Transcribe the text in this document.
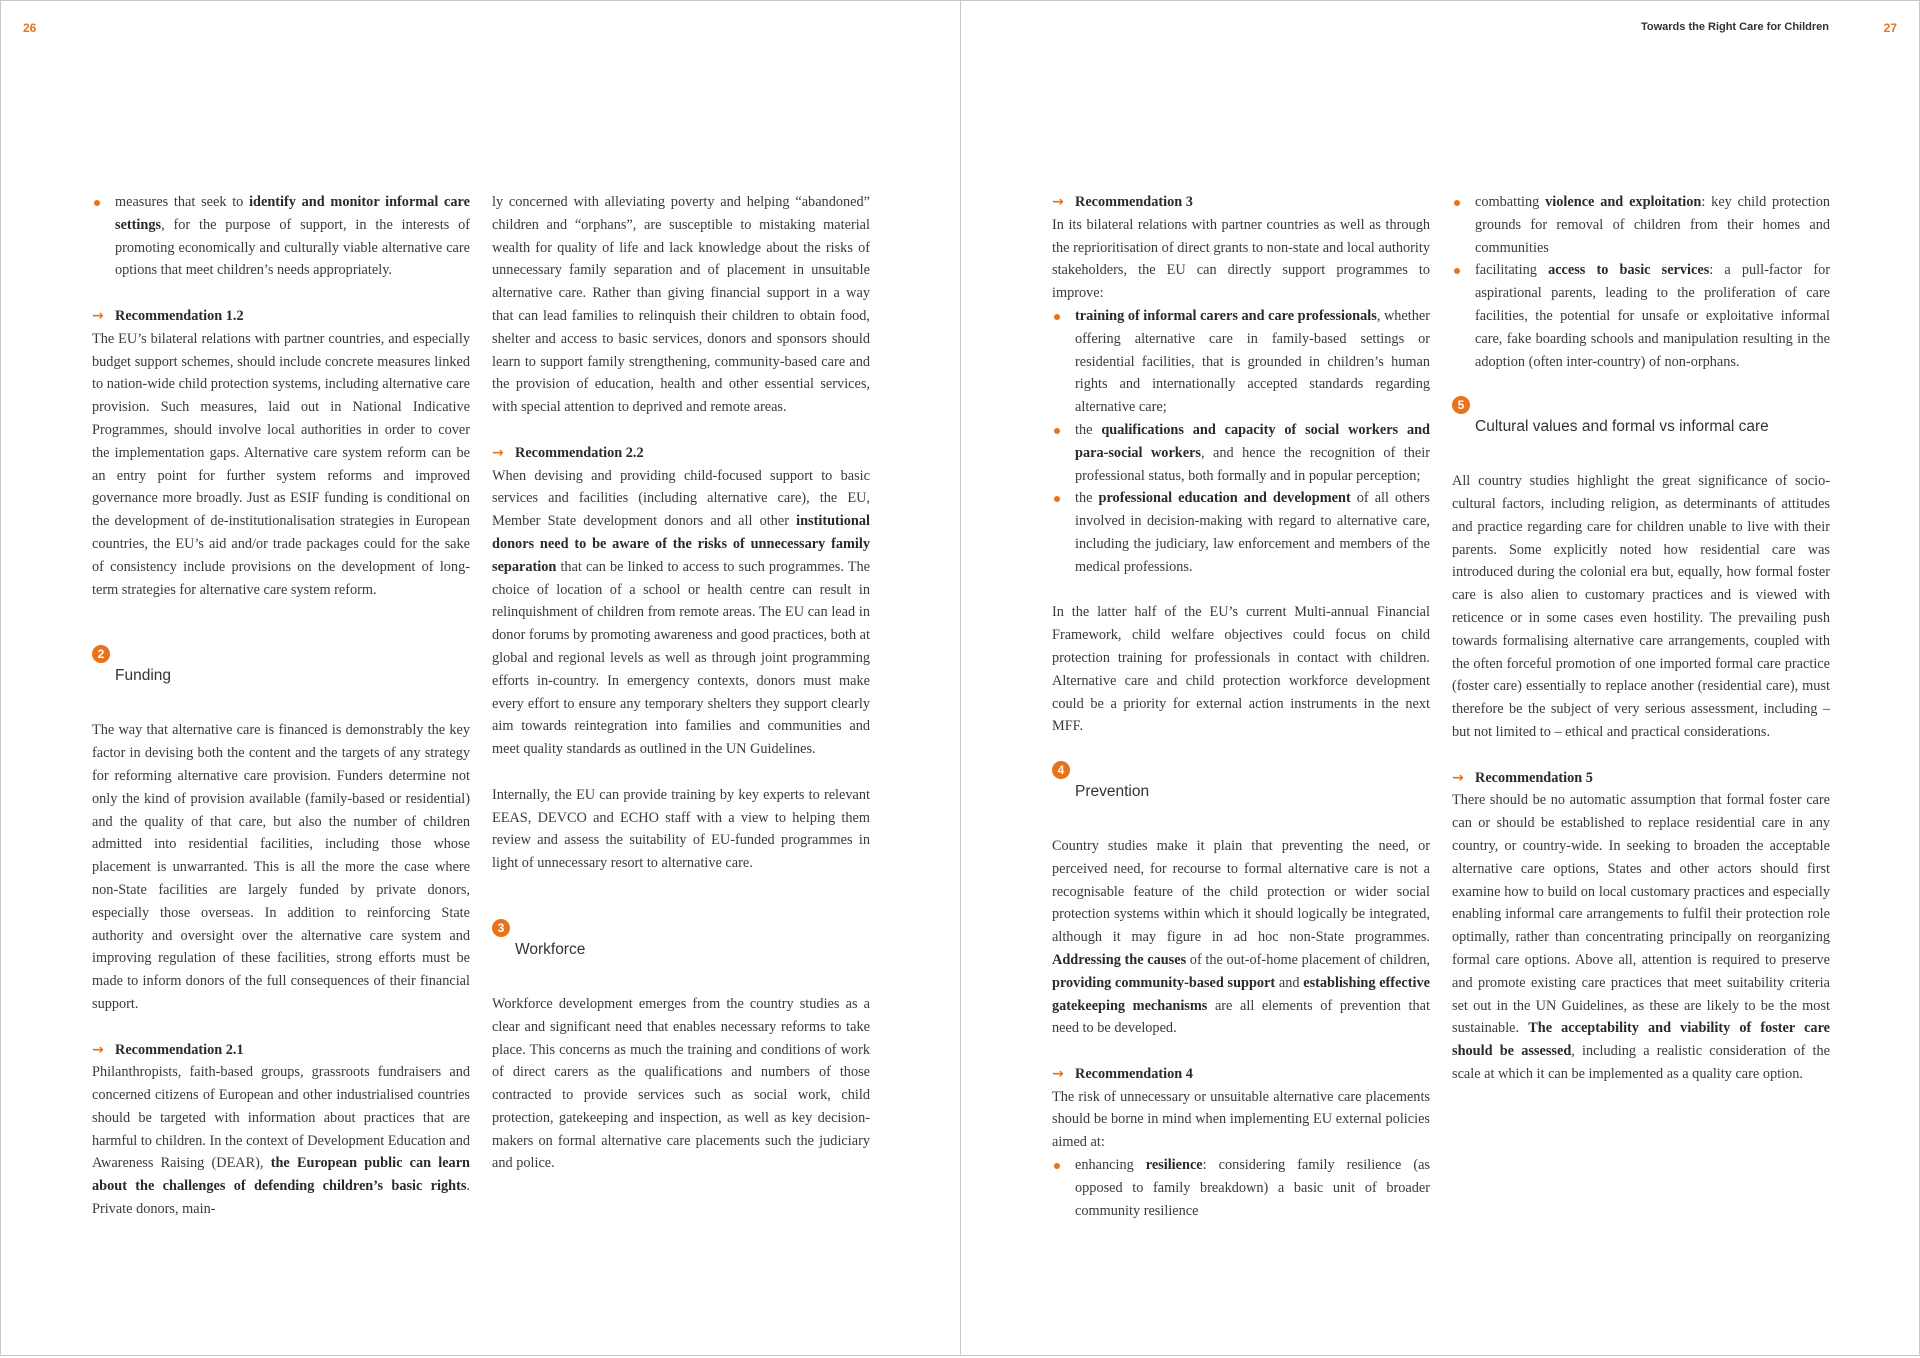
26
measures that seek to identify and monitor informal care settings, for the purpose of support, in the interests of promoting economically and culturally viable alternative care options that meet children’s needs appropriately.
→ Recommendation 1.2

The EU’s bilateral relations with partner countries, and especially budget support schemes, should include concrete measures linked to nation-wide child protection systems, including alternative care provision. Such measures, laid out in National Indicative Programmes, should involve local authorities in order to cover the implementation gaps. Alternative care system reform can be an entry point for further system reforms and improved governance more broadly. Just as ESIF funding is conditional on the development of de-institutionalisation strategies in European countries, the EU’s aid and/or trade packages could for the sake of consistency include provisions on the development of long-term strategies for alternative care system reform.

2
Funding

The way that alternative care is financed is demonstrably the key factor in devising both the content and the targets of any strategy for reforming alternative care provision. Funders determine not only the kind of provision available (family-based or residential) and the quality of that care, but also the number of children admitted into residential facilities, including those whose placement is unwarranted. This is all the more the case where non-State facilities are largely funded by private donors, especially those overseas. In addition to reinforcing State authority and oversight over the alternative care system and improving regulation of these facilities, strong efforts must be made to inform donors of the full consequences of their financial support.

→ Recommendation 2.1

Philanthropists, faith-based groups, grassroots fundraisers and concerned citizens of European and other industrialised countries should be targeted with information about practices that are harmful to children. In the context of Development Education and Awareness Raising (DEAR), the European public can learn about the challenges of defending children’s basic rights. Private donors, main-

ly concerned with alleviating poverty and helping “abandoned” children and “orphans”, are susceptible to mistaking material wealth for quality of life and lack knowledge about the risks of unnecessary family separation and of placement in unsuitable alternative care. Rather than giving financial support in a way that can lead families to relinquish their children to obtain food, shelter and access to basic services, donors and sponsors should learn to support family strengthening, community-based care and the provision of education, health and other essential services, with special attention to deprived and remote areas.

→ Recommendation 2.2

When devising and providing child-focused support to basic services and facilities (including alternative care), the EU, Member State development donors and all other institutional donors need to be aware of the risks of unnecessary family separation that can be linked to access to such programmes. The choice of location of a school or health centre can result in relinquishment of children from remote areas. The EU can lead in donor forums by promoting awareness and good practices, both at global and regional levels as well as through joint programming efforts in-country. In emergency contexts, donors must make every effort to ensure any temporary shelters they support clearly aim towards reintegration into families and communities and meet quality standards as outlined in the UN Guidelines.

Internally, the EU can provide training by key experts to relevant EEAS, DEVCO and ECHO staff with a view to helping them review and assess the suitability of EU-funded programmes in light of unnecessary resort to alternative care.

3
Workforce

Workforce development emerges from the country studies as a clear and significant need that enables necessary reforms to take place. This concerns as much the training and conditions of work of direct carers as the qualifications and numbers of those contracted to provide services such as social work, child protection, gatekeeping and inspection, as well as key decision-makers on formal alternative care placements such the judiciary and police.

Towards the Right Care for Children	27
→ Recommendation 3

In its bilateral relations with partner countries as well as through the reprioritisation of direct grants to non-state and local authority stakeholders, the EU can directly support programmes to improve:

training of informal carers and care professionals, whether offering alternative care in family-based settings or residential facilities, that is grounded in children’s human rights and internationally accepted standards regarding alternative care;
the qualifications and capacity of social workers and para-social workers, and hence the recognition of their professional status, both formally and in popular perception;
the professional education and development of all others involved in decision-making with regard to alternative care, including the judiciary, law enforcement and members of the medical professions.

In the latter half of the EU’s current Multi-annual Financial Framework, child welfare objectives could focus on child protection training for professionals in contact with children. Alternative care and child protection workforce development could be a priority for external action instruments in the next MFF.

4
Prevention

Country studies make it plain that preventing the need, or perceived need, for recourse to formal alternative care is not a recognisable feature of the child protection or wider social protection systems within which it should logically be integrated, although it may figure in ad hoc non-State programmes. Addressing the causes of the out-of-home placement of children, providing community-based support and establishing effective gatekeeping mechanisms are all elements of prevention that need to be developed.

→ Recommendation 4

The risk of unnecessary or unsuitable alternative care placements should be borne in mind when implementing EU external policies aimed at:

enhancing resilience: considering family resilience (as opposed to family breakdown) a basic unit of broader community resilience
combatting violence and exploitation: key child protection grounds for removal of children from their homes and communities
facilitating access to basic services: a pull-factor for aspirational parents, leading to the proliferation of care facilities, the potential for unsafe or exploitative informal care, fake boarding schools and manipulation resulting in the adoption (often inter-country) of non-orphans.
5
Cultural values and formal vs informal care

All country studies highlight the great significance of socio-cultural factors, including religion, as determinants of attitudes and practice regarding care for children unable to live with their parents. Some explicitly noted how residential care was introduced during the colonial era but, equally, how formal foster care is also alien to customary practices and is viewed with reticence or in some cases even hostility. The prevailing push towards formalising alternative care arrangements, coupled with the often forceful promotion of one imported formal care practice (foster care) essentially to replace another (residential care), must therefore be the subject of very serious assessment, including – but not limited to – ethical and practical considerations.

→ Recommendation 5

There should be no automatic assumption that formal foster care can or should be established to replace residential care in any country, or country-wide. In seeking to broaden the acceptable alternative care options, States and other actors should first examine how to build on local customary practices and especially enabling informal care arrangements to fulfil their protection role optimally, rather than concentrating principally on reorganizing formal care options. Above all, attention is required to preserve and promote existing care practices that meet suitability criteria set out in the UN Guidelines, as these are likely to be the most sustainable. The acceptability and viability of foster care should be assessed, including a realistic consideration of the scale at which it can be implemented as a quality care option.
